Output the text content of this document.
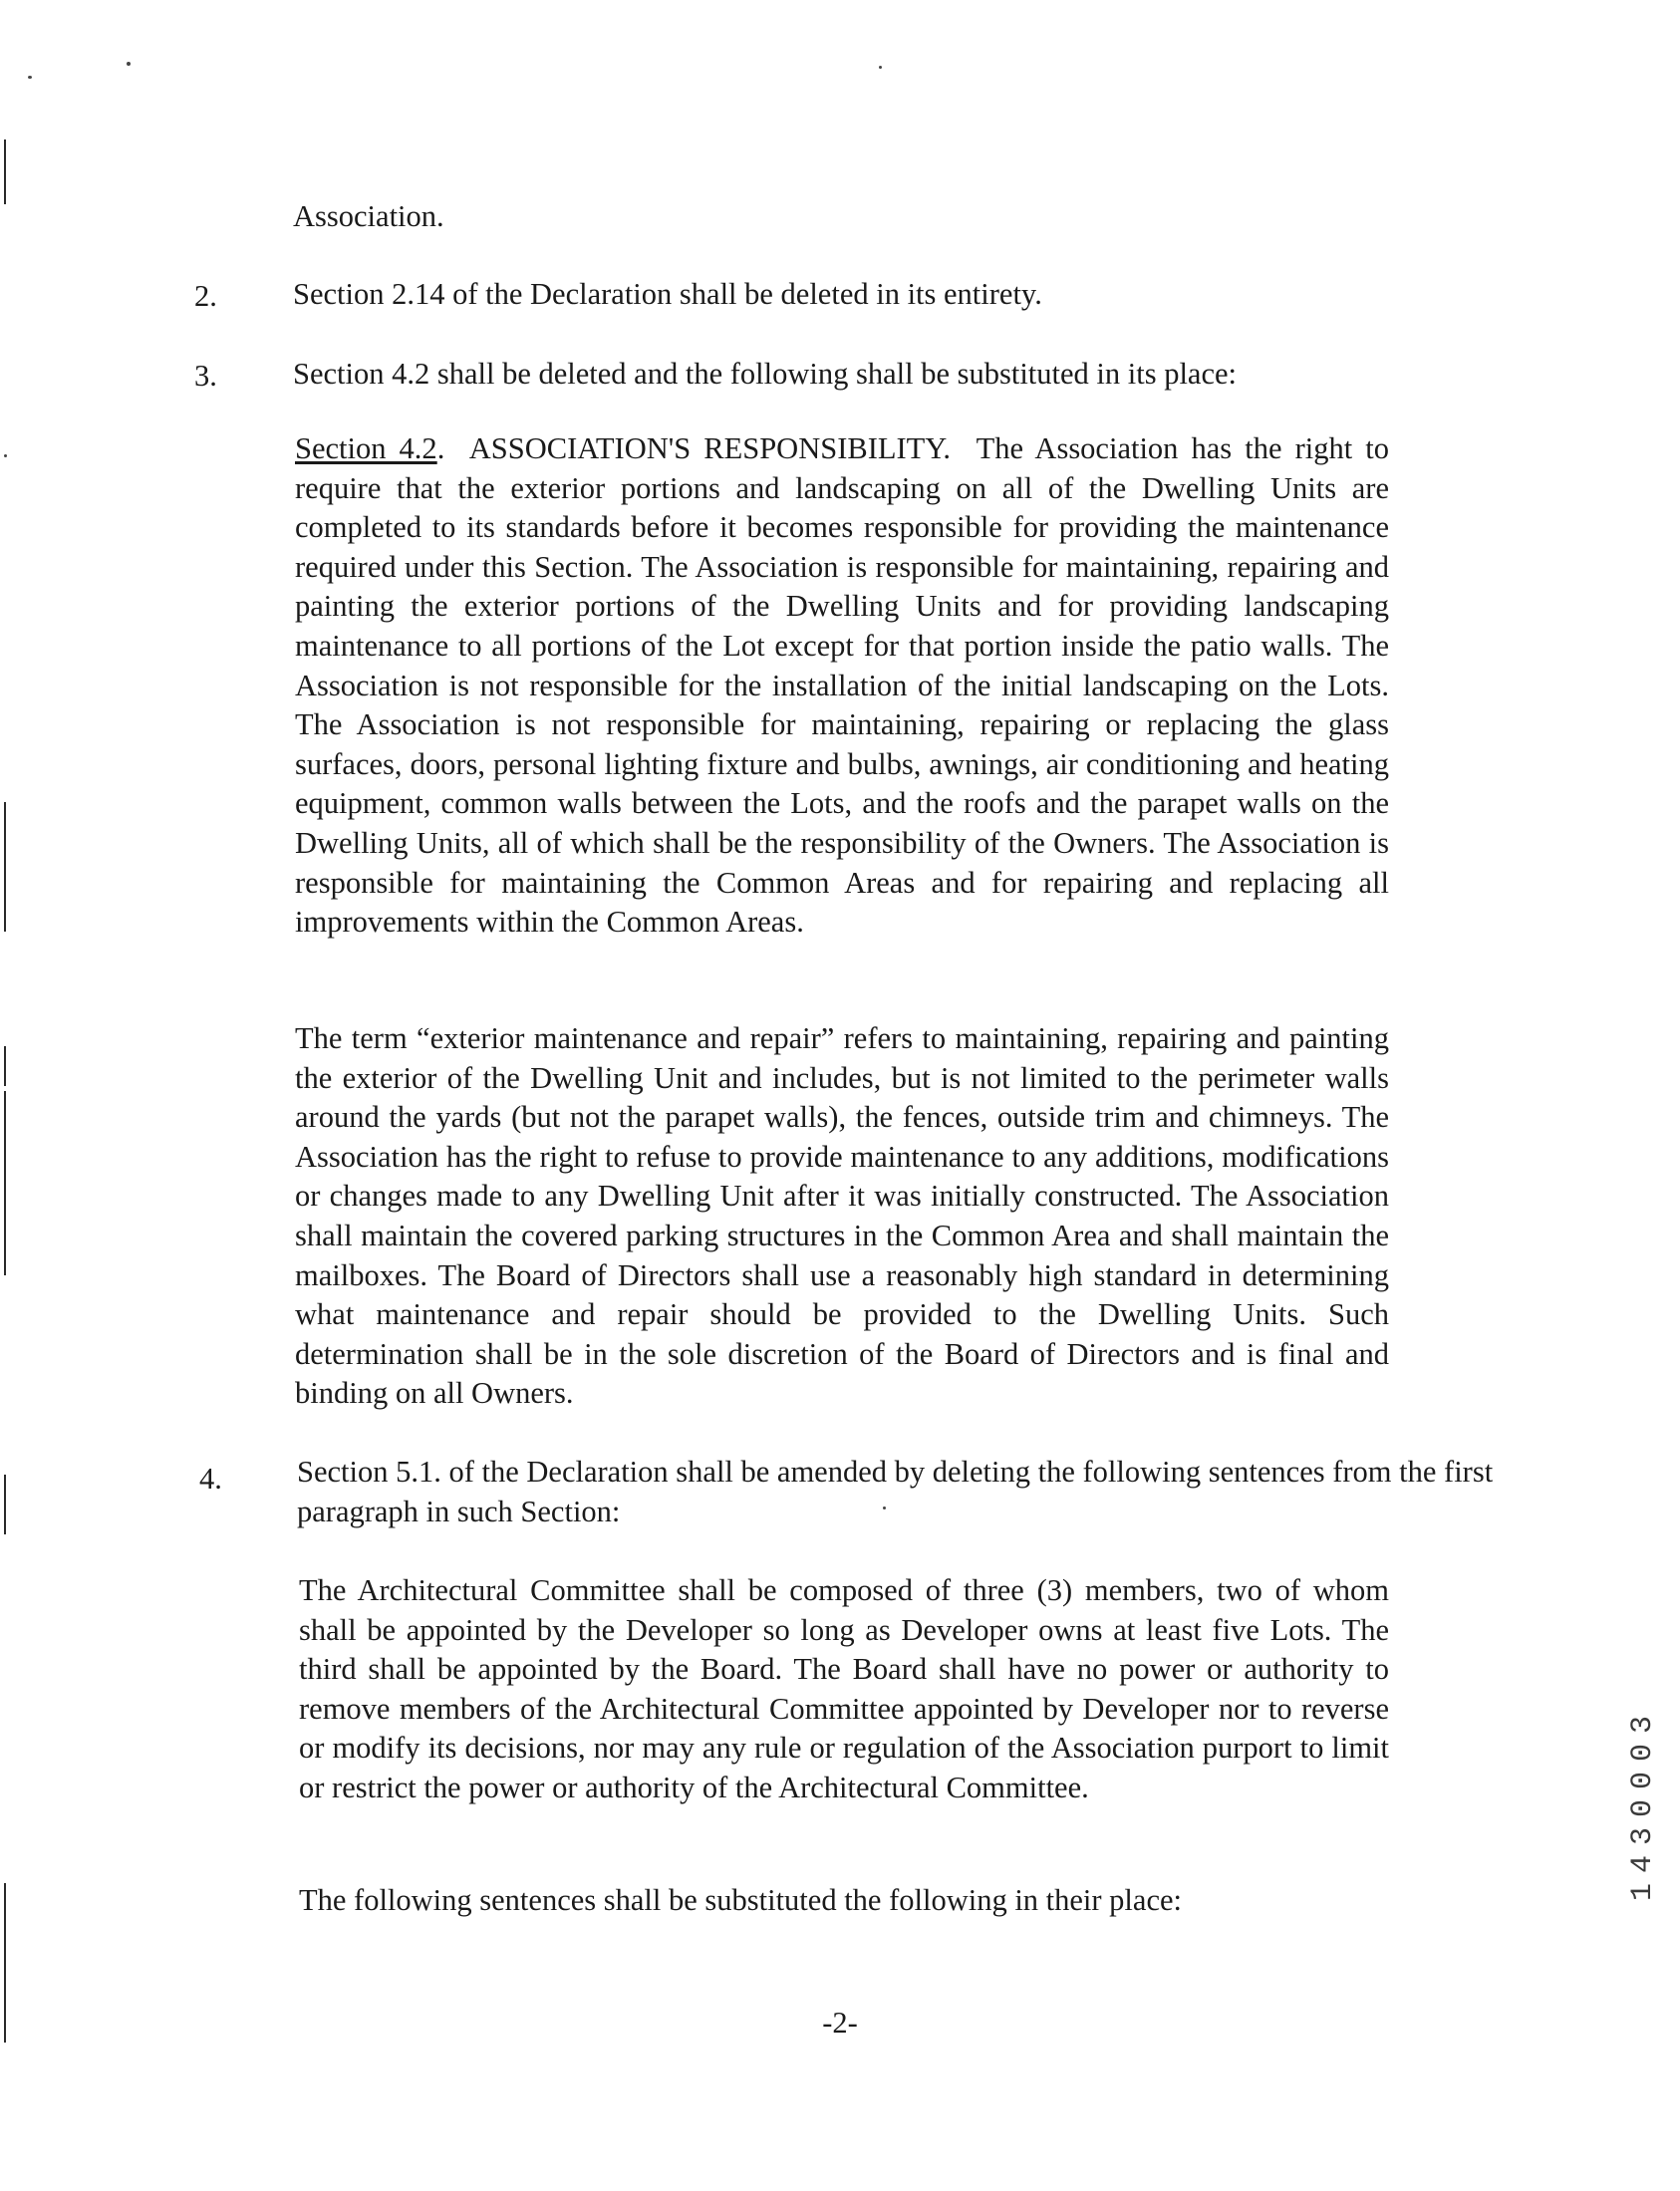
Association.

2. Section 2.14 of the Declaration shall be deleted in its entirety.

3. Section 4.2 shall be deleted and the following shall be substituted in its place:

Section 4.2. ASSOCIATION'S RESPONSIBILITY. The Association has the right to require that the exterior portions and landscaping on all of the Dwelling Units are completed to its standards before it becomes responsible for providing the maintenance required under this Section. The Association is responsible for maintaining, repairing and painting the exterior portions of the Dwelling Units and for providing landscaping maintenance to all portions of the Lot except for that portion inside the patio walls. The Association is not responsible for the installation of the initial landscaping on the Lots. The Association is not responsible for maintaining, repairing or replacing the glass surfaces, doors, personal lighting fixture and bulbs, awnings, air conditioning and heating equipment, common walls between the Lots, and the roofs and the parapet walls on the Dwelling Units, all of which shall be the responsibility of the Owners. The Association is responsible for maintaining the Common Areas and for repairing and replacing all improvements within the Common Areas.

The term “exterior maintenance and repair” refers to maintaining, repairing and painting the exterior of the Dwelling Unit and includes, but is not limited to the perimeter walls around the yards (but not the parapet walls), the fences, outside trim and chimneys. The Association has the right to refuse to provide maintenance to any additions, modifications or changes made to any Dwelling Unit after it was initially constructed. The Association shall maintain the covered parking structures in the Common Area and shall maintain the mailboxes. The Board of Directors shall use a reasonably high standard in determining what maintenance and repair should be provided to the Dwelling Units. Such determination shall be in the sole discretion of the Board of Directors and is final and binding on all Owners.

4. Section 5.1. of the Declaration shall be amended by deleting the following sentences from the first paragraph in such Section:

The Architectural Committee shall be composed of three (3) members, two of whom shall be appointed by the Developer so long as Developer owns at least five Lots. The third shall be appointed by the Board. The Board shall have no power or authority to remove members of the Architectural Committee appointed by Developer nor to reverse or modify its decisions, nor may any rule or regulation of the Association purport to limit or restrict the power or authority of the Architectural Committee.

The following sentences shall be substituted the following in their place:

-2-
1430003
